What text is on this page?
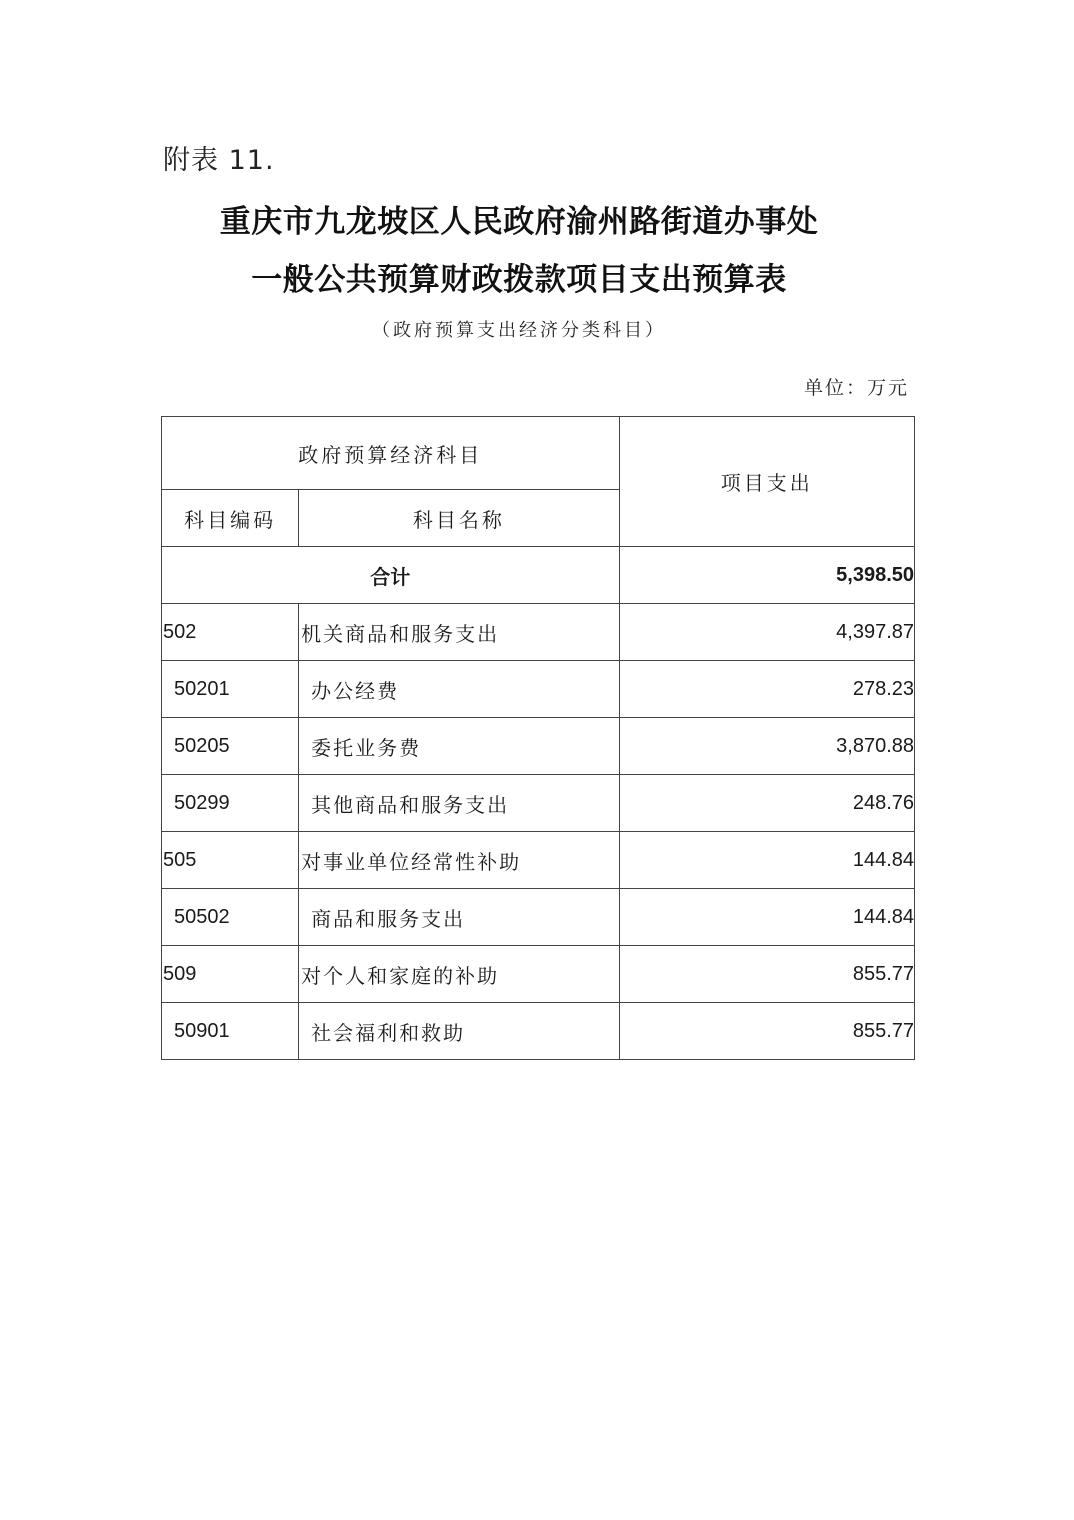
附表 11.
重庆市九龙坡区人民政府渝州路街道办事处
一般公共预算财政拨款项目支出预算表
（政府预算支出经济分类科目）
单位：万元
政府预算经济科目		项目支出
科目编码	科目名称	
合计		5,398.50
502	机关商品和服务支出	4,397.87
50201	办公经费	278.23
50205	委托业务费	3,870.88
50299	其他商品和服务支出	248.76
505	对事业单位经常性补助	144.84
50502	商品和服务支出	144.84
509	对个人和家庭的补助	855.77
50901	社会福利和救助	855.77
